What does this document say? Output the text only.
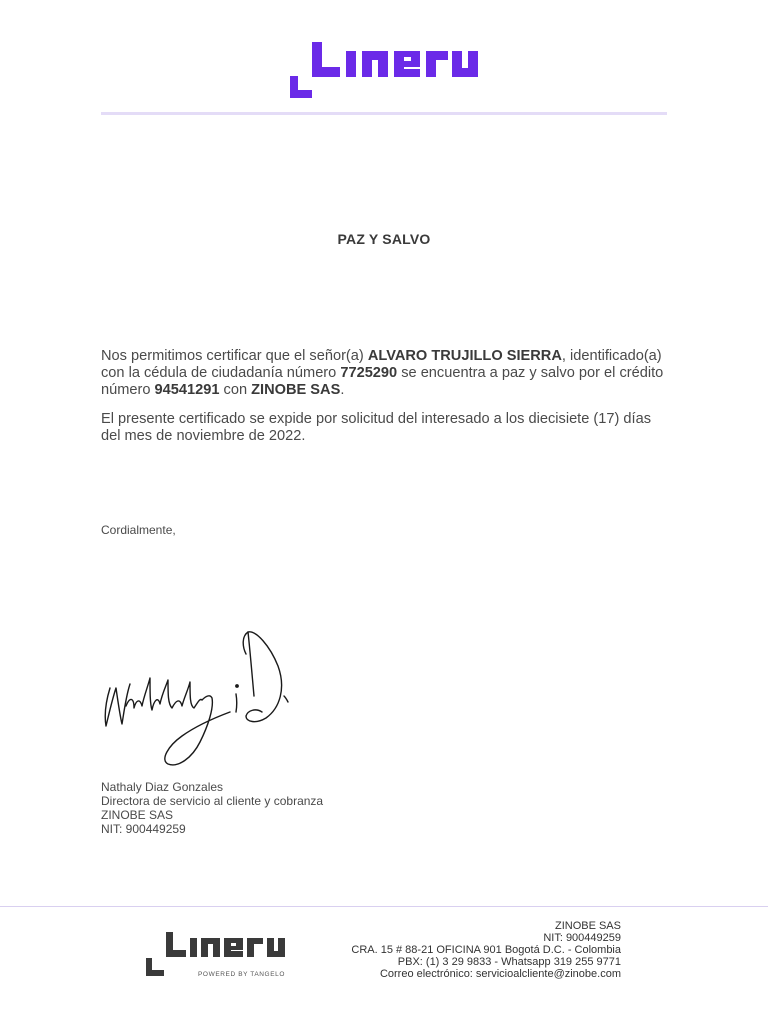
PAZ Y SALVO
Nos permitimos certificar que el señor(a) ALVARO TRUJILLO SIERRA, identificado(a) con la cédula de ciudadanía número 7725290 se encuentra a paz y salvo por el crédito número 94541291 con ZINOBE SAS.
El presente certificado se expide por solicitud del interesado a los diecisiete (17) días del mes de noviembre de 2022.
Cordialmente,
Nathaly Diaz Gonzales
Directora de servicio al cliente y cobranza
ZINOBE SAS
NIT: 900449259
POWERED BY TANGELO
ZINOBE SAS
NIT: 900449259
CRA. 15 # 88-21 OFICINA 901 Bogotá D.C. - Colombia
PBX: (1) 3 29 9833 - Whatsapp 319 255 9771
Correo electrónico: servicioalcliente@zinobe.com
